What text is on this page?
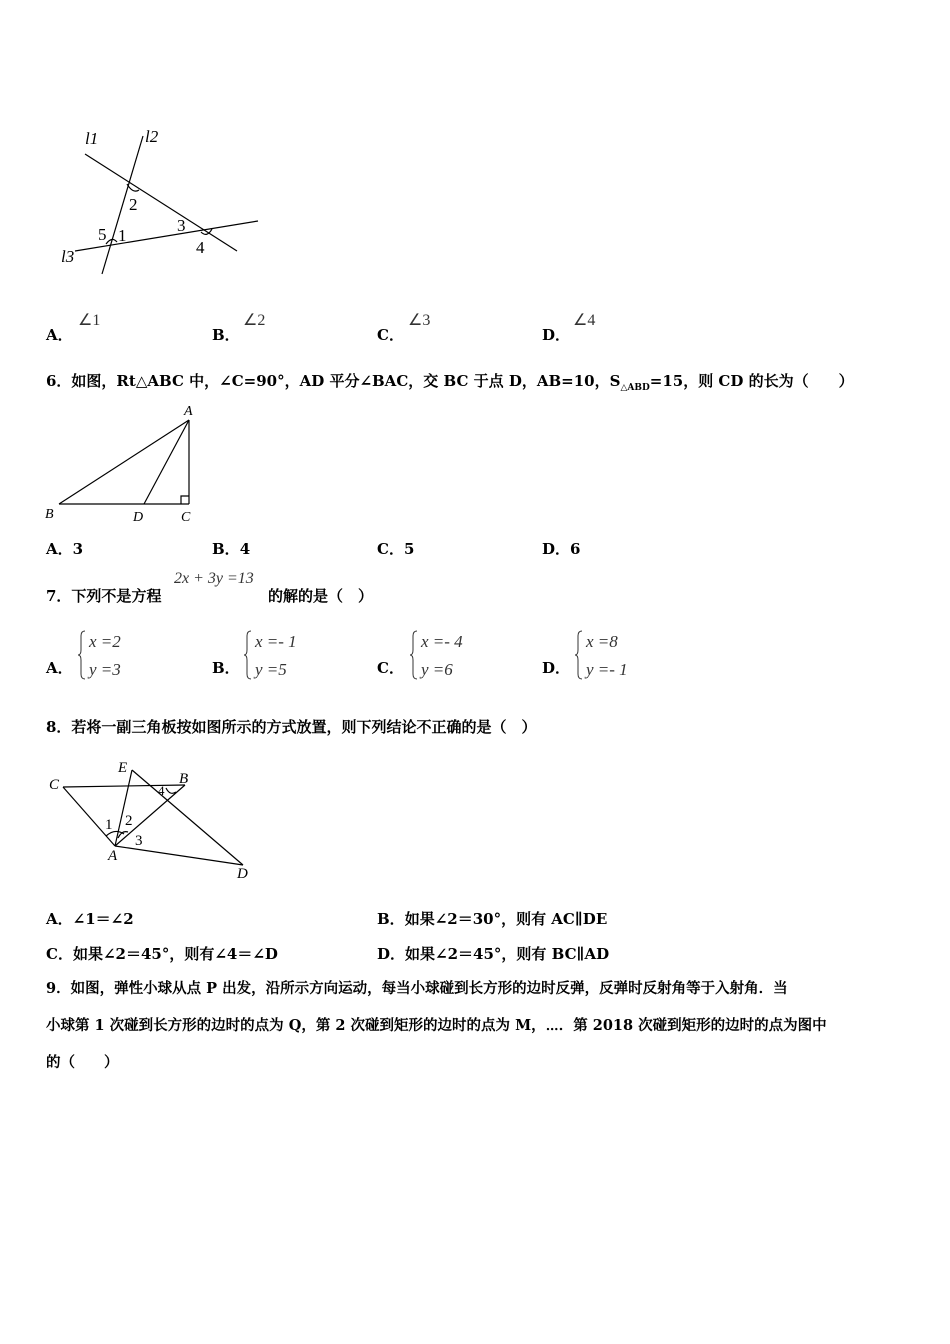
l1	l2
l3
1
2
3
4
5
A．
∠1
B．
∠2
C．
∠3
D．
∠4
6．如图，Rt△ABC 中，∠C=90°，AD 平分∠BAC，交 BC 于点 D，AB=10，$S_{\triangle ABD}=15$，则 CD 的长为（　　）
A
B	D	C
A．3	B．4	C．5	D．6
7．下列不是方程
2x + 3y =13
的解的是（　）
A．
x =2
y =3	B．
x =- 1
y =5	C．
x =- 4
y =6	D．
x =8
y =- 1
8．若将一副三角板按如图所示的方式放置，则下列结论不正确的是（　）
C
E
B
A
D
1 2
3
4
A．∠1＝∠2	B．如果∠2＝30°，则有 AC∥DE
C．如果∠2＝45°，则有∠4＝∠D	D．如果∠2＝45°，则有 BC∥AD
9．如图，弹性小球从点 P 出发，沿所示方向运动，每当小球碰到长方形的边时反弹，反弹时反射角等于入射角．当
小球第 1 次碰到长方形的边时的点为 Q，第 2 次碰到矩形的边时的点为 M，⋯．第 2018 次碰到矩形的边时的点为图中
的（　　）
